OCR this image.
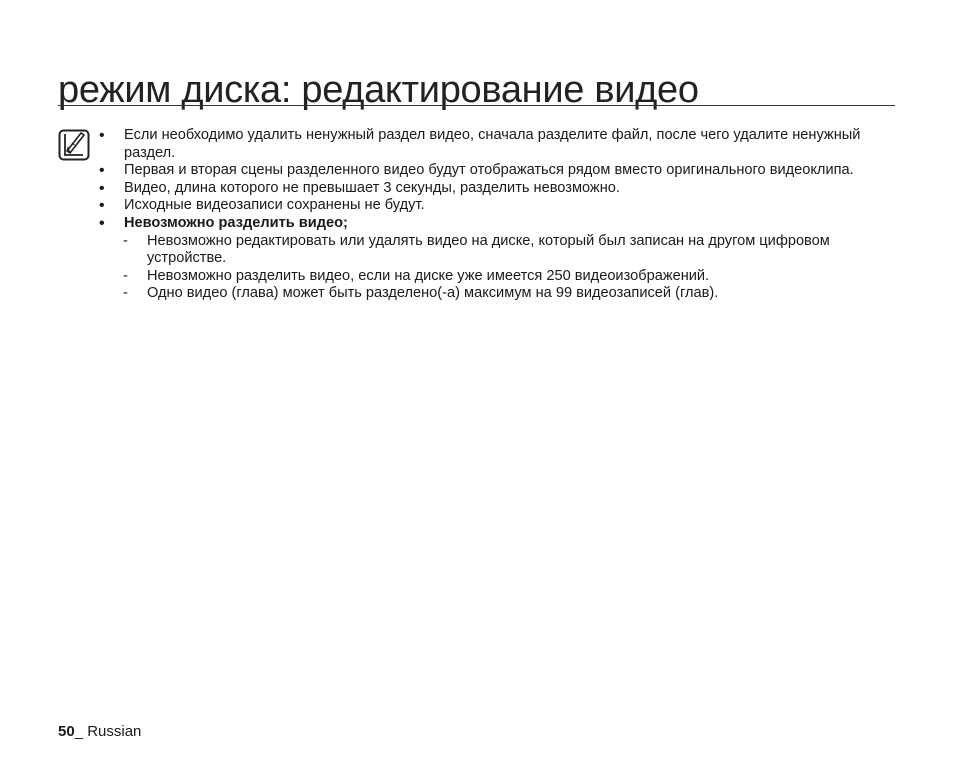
режим диска: редактирование видео
• Если необходимо удалить ненужный раздел видео, сначала разделите файл, после чего удалите ненужный раздел.
• Первая и вторая сцены разделенного видео будут отображаться рядом вместо оригинального видеоклипа.
• Видео, длина которого не превышает 3 секунды, разделить невозможно.
• Исходные видеозаписи сохранены не будут.
• Невозможно разделить видео;
- Невозможно редактировать или удалять видео на диске, который был записан на другом цифровом устройстве.
- Невозможно разделить видео, если на диске уже имеется 250 видеоизображений.
- Одно видео (глава) может быть разделено(-а) максимум на 99 видеозаписей (глав).
50_ Russian
